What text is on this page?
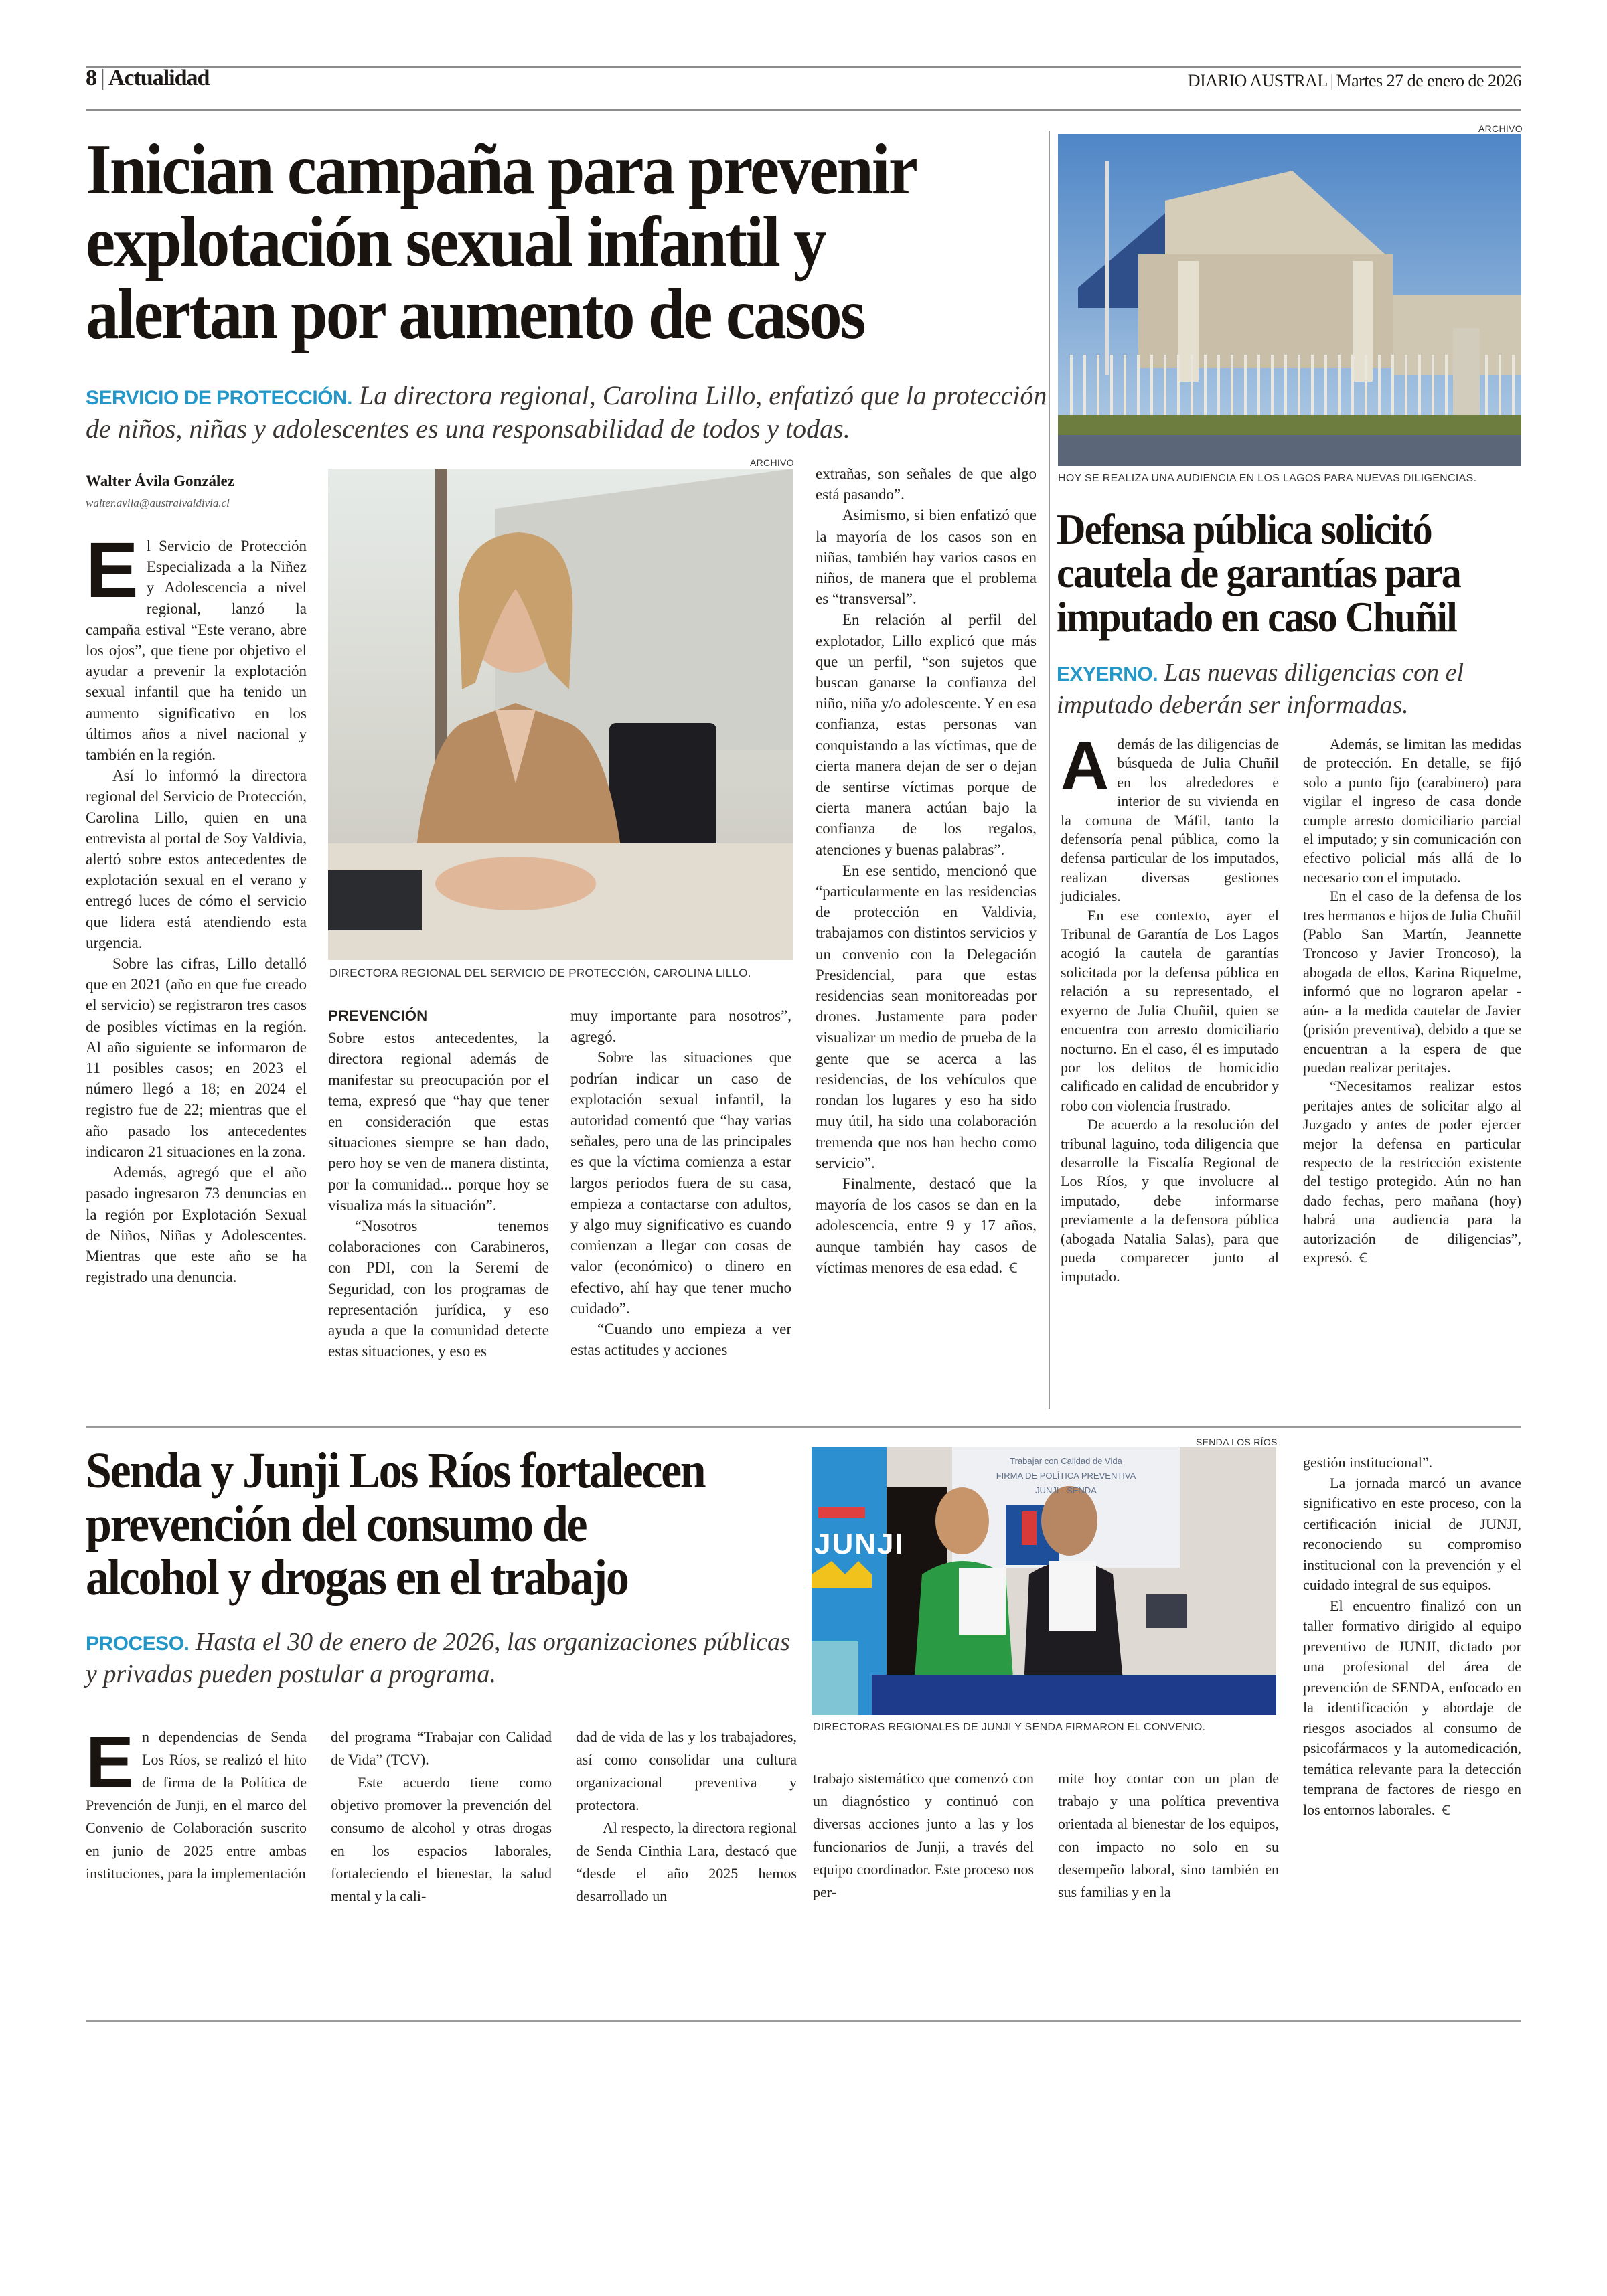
8 | Actualidad	DIARIO AUSTRAL | Martes 27 de enero de 2026
Inician campaña para prevenir
explotación sexual infantil y
alertan por aumento de casos
SERVICIO DE PROTECCIÓN. La directora regional, Carolina Lillo, enfatizó que la protección de niños, niñas y adolescentes es una responsabilidad de todos y todas.
Walter Ávila González
walter.avila@australvaldivia.cl

El Servicio de Protección Especializada a la Niñez y Adolescencia a nivel regional, lanzó la campaña estival “Este verano, abre los ojos”, que tiene por objetivo el ayudar a prevenir la explotación sexual infantil que ha tenido un aumento significativo en los últimos años a nivel nacional y también en la región.

Así lo informó la directora regional del Servicio de Protección, Carolina Lillo, quien en una entrevista al portal de Soy Valdivia, alertó sobre estos antecedentes de explotación sexual en el verano y entregó luces de cómo el servicio que lidera está atendiendo esta urgencia.

Sobre las cifras, Lillo detalló que en 2021 (año en que fue creado el servicio) se registraron tres casos de posibles víctimas en la región. Al año siguiente se informaron de 11 posibles casos; en 2023 el número llegó a 18; en 2024 el registro fue de 22; mientras que el año pasado los antecedentes indicaron 21 situaciones en la zona.

Además, agregó que el año pasado ingresaron 73 denuncias en la región por Explotación Sexual de Niños, Niñas y Adolescentes. Mientras que este año se ha registrado una denuncia.

ARCHIVO
DIRECTORA REGIONAL DEL SERVICIO DE PROTECCIÓN, CAROLINA LILLO.
PREVENCIÓN

Sobre estos antecedentes, la directora regional además de manifestar su preocupación por el tema, expresó que “hay que tener en consideración que estas situaciones siempre se han dado, pero hoy se ven de manera distinta, por la comunidad... porque hoy se visualiza más la situación”.

“Nosotros tenemos colaboraciones con Carabineros, con PDI, con la Seremi de Seguridad, con los programas de representación jurídica, y eso ayuda a que la comunidad detecte estas situaciones, y eso es

muy importante para nosotros”, agregó.

Sobre las situaciones que podrían indicar un caso de explotación sexual infantil, la autoridad comentó que “hay varias señales, pero una de las principales es que la víctima comienza a estar largos periodos fuera de su casa, empieza a contactarse con adultos, y algo muy significativo es cuando comienzan a llegar con cosas de valor (económico) o dinero en efectivo, ahí hay que tener mucho cuidado”.

“Cuando uno empieza a ver estas actitudes y acciones

extrañas, son señales de que algo está pasando”.

Asimismo, si bien enfatizó que la mayoría de los casos son en niñas, también hay varios casos en niños, de manera que el problema es “transversal”.

En relación al perfil del explotador, Lillo explicó que más que un perfil, “son sujetos que buscan ganarse la confianza del niño, niña y/o adolescente. Y en esa confianza, estas personas van conquistando a las víctimas, que de cierta manera dejan de ser o dejan de sentirse víctimas porque de cierta manera actúan bajo la confianza de los regalos, atenciones y buenas palabras”.

En ese sentido, mencionó que “particularmente en las residencias de protección en Valdivia, trabajamos con distintos servicios y un convenio con la Delegación Presidencial, para que estas residencias sean monitoreadas por drones. Justamente para poder visualizar un medio de prueba de la gente que se acerca a las residencias, de los vehículos que rondan los lugares y eso ha sido muy útil, ha sido una colaboración tremenda que nos han hecho como servicio”.

Finalmente, destacó que la mayoría de los casos se dan en la adolescencia, entre 9 y 17 años, aunque también hay casos de víctimas menores de esa edad. Ꞓ

ARCHIVO
HOY SE REALIZA UNA AUDIENCIA EN LOS LAGOS PARA NUEVAS DILIGENCIAS.
Defensa pública solicitó
cautela de garantías para
imputado en caso Chuñil
EXYERNO. Las nuevas diligencias con el imputado deberán ser informadas.

Además de las diligencias de búsqueda de Julia Chuñil en los alrededores e interior de su vivienda en la comuna de Máfil, tanto la defensoría penal pública, como la defensa particular de los imputados, realizan diversas gestiones judiciales.

En ese contexto, ayer el Tribunal de Garantía de Los Lagos acogió la cautela de garantías solicitada por la defensa pública en relación a su representado, el exyerno de Julia Chuñil, quien se encuentra con arresto domiciliario nocturno. En el caso, él es imputado por los delitos de homicidio calificado en calidad de encubridor y robo con violencia frustrado.

De acuerdo a la resolución del tribunal laguino, toda diligencia que desarrolle la Fiscalía Regional de Los Ríos, y que involucre al imputado, debe informarse previamente a la defensora pública (abogada Natalia Salas), para que pueda comparecer junto al imputado.

Además, se limitan las medidas de protección. En detalle, se fijó solo a punto fijo (carabinero) para vigilar el ingreso de casa donde cumple arresto domiciliario parcial el imputado; y sin comunicación con efectivo policial más allá de lo necesario con el imputado.

En el caso de la defensa de los tres hermanos e hijos de Julia Chuñil (Pablo San Martín, Jeannette Troncoso y Javier Troncoso), la abogada de ellos, Karina Riquelme, informó que no lograron apelar -aún- a la medida cautelar de Javier (prisión preventiva), debido a que se encuentran a la espera de que puedan realizar peritajes.

“Necesitamos realizar estos peritajes antes de solicitar algo al Juzgado y antes de poder ejercer mejor la defensa en particular respecto de la restricción existente del testigo protegido. Aún no han dado fechas, pero mañana (hoy) habrá una audiencia para la autorización de diligencias”, expresó. Ꞓ

Senda y Junji Los Ríos fortalecen
prevención del consumo de
alcohol y drogas en el trabajo
PROCESO. Hasta el 30 de enero de 2026, las organizaciones públicas y privadas pueden postular a programa.
SENDA LOS RÍOS
Trabajar con Calidad de Vida
FIRMA DE POLÍTICA PREVENTIVA
JUNJI - SENDA
JUNJI
DIRECTORAS REGIONALES DE JUNJI Y SENDA FIRMARON EL CONVENIO.

En dependencias de Senda Los Ríos, se realizó el hito de firma de la Política de Prevención de Junji, en el marco del Convenio de Colaboración suscrito en junio de 2025 entre ambas instituciones, para la implementación

del programa “Trabajar con Calidad de Vida” (TCV).

Este acuerdo tiene como objetivo promover la prevención del consumo de alcohol y otras drogas en los espacios laborales, fortaleciendo el bienestar, la salud mental y la cali-

dad de vida de las y los trabajadores, así como consolidar una cultura organizacional preventiva y protectora.

Al respecto, la directora regional de Senda Cinthia Lara, destacó que “desde el año 2025 hemos desarrollado un

trabajo sistemático que comenzó con un diagnóstico y continuó con diversas acciones junto a las y los funcionarios de Junji, a través del equipo coordinador. Este proceso nos per-

mite hoy contar con un plan de trabajo y una política preventiva orientada al bienestar de los equipos, con impacto no solo en su desempeño laboral, sino también en sus familias y en la

gestión institucional”.

La jornada marcó un avance significativo en este proceso, con la certificación inicial de JUNJI, reconociendo su compromiso institucional con la prevención y el cuidado integral de sus equipos.

El encuentro finalizó con un taller formativo dirigido al equipo preventivo de JUNJI, dictado por una profesional del área de prevención de SENDA, enfocado en la identificación y abordaje de riesgos asociados al consumo de psicofármacos y la automedicación, temática relevante para la detección temprana de factores de riesgo en los entornos laborales. Ꞓ
